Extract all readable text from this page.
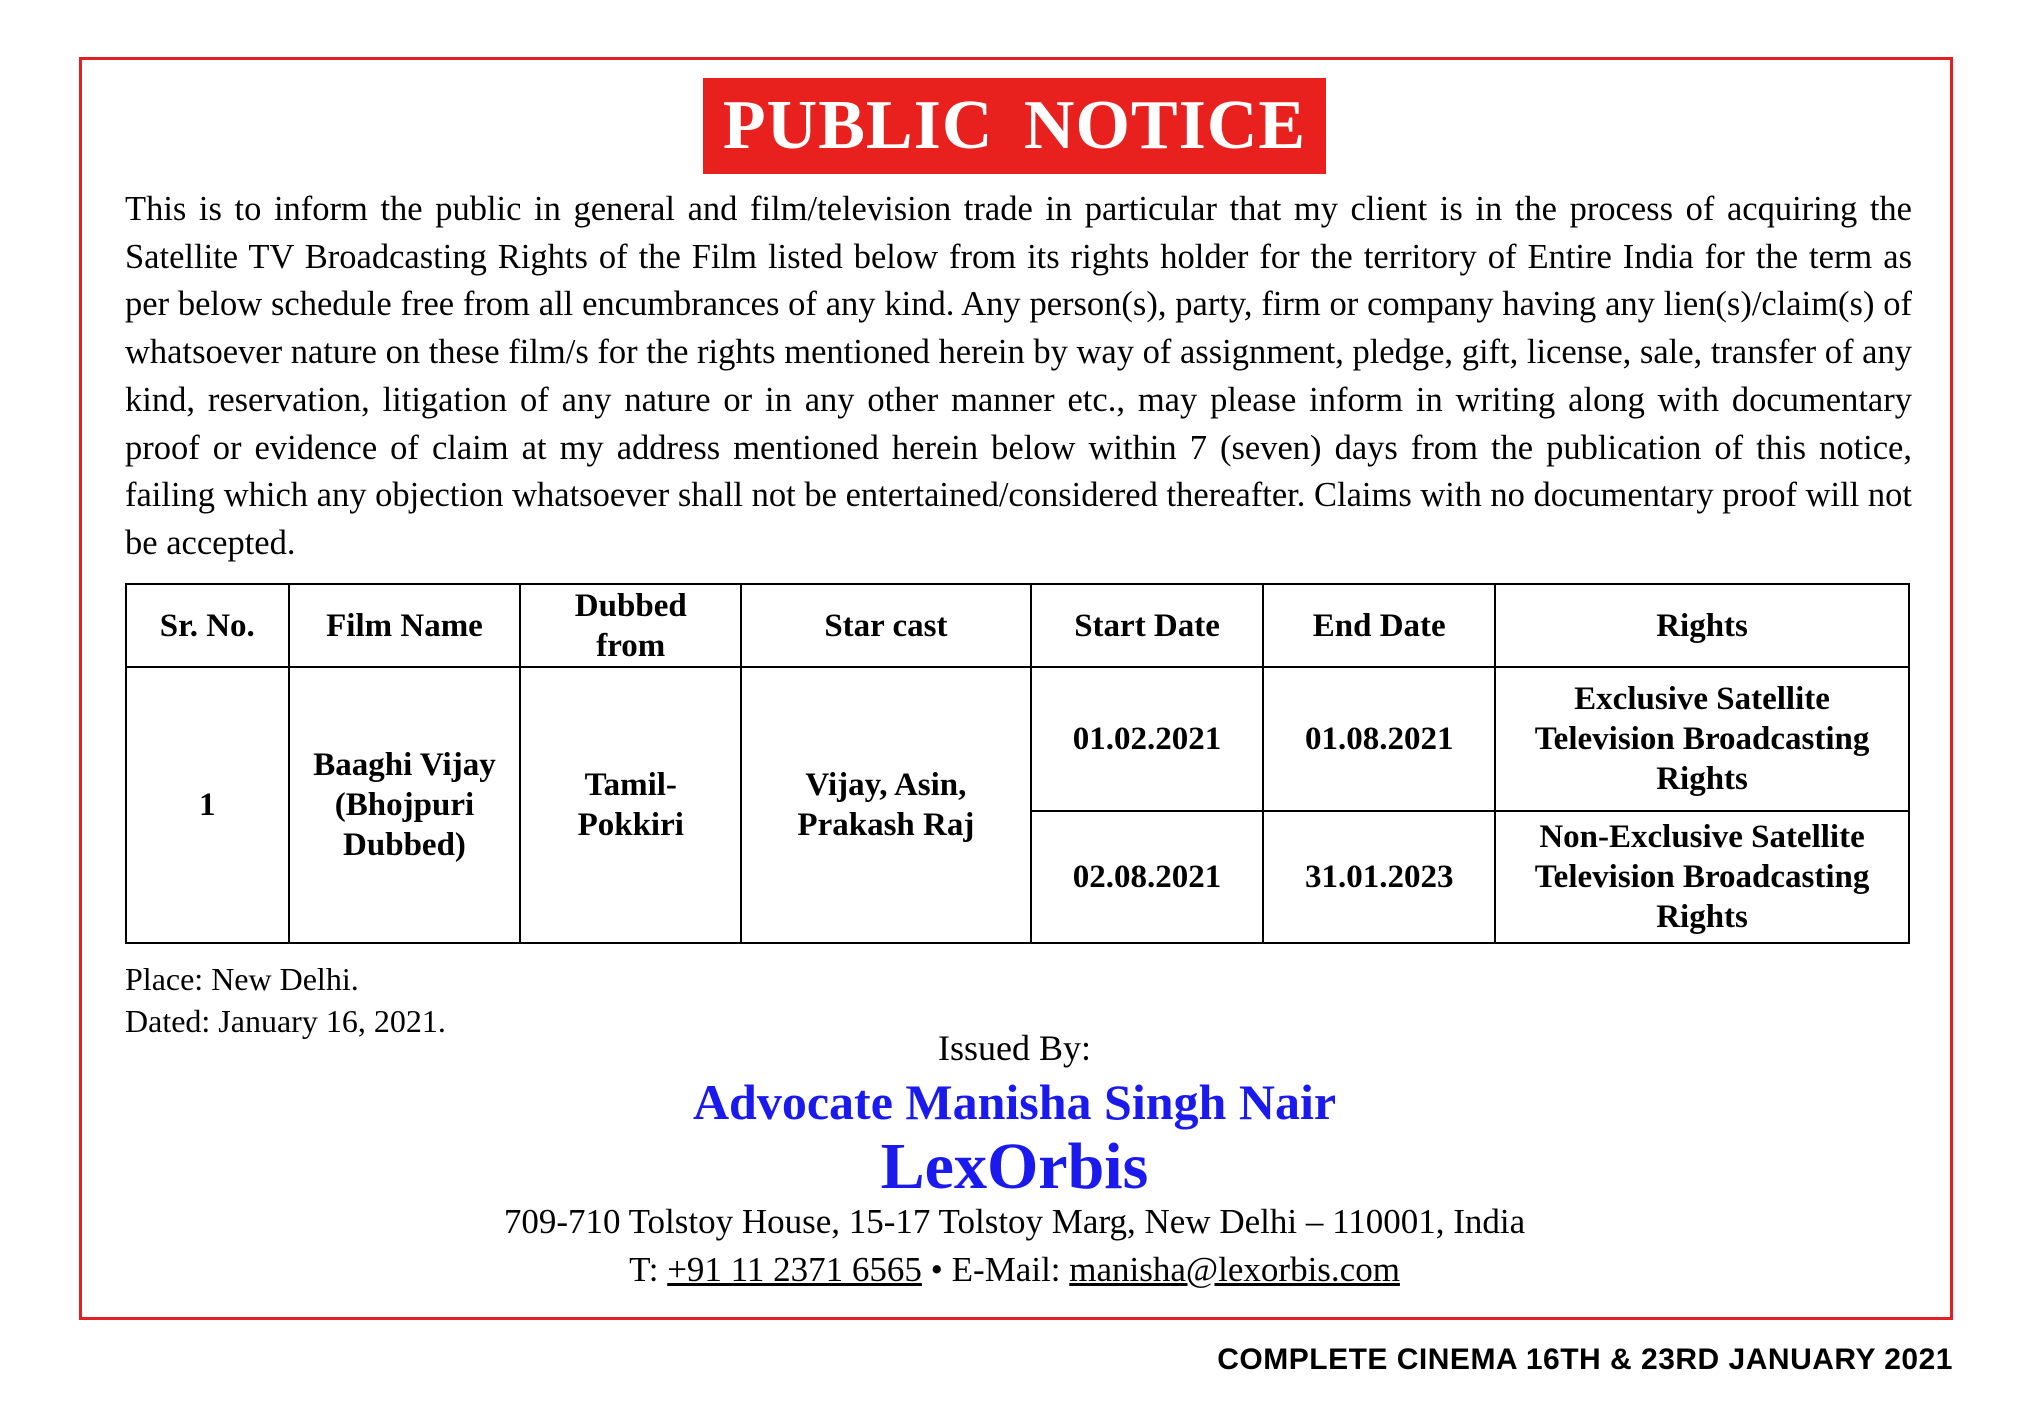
PUBLIC NOTICE
This is to inform the public in general and film/television trade in particular that my client is in the process of acquiring the Satellite TV Broadcasting Rights of the Film listed below from its rights holder for the territory of Entire India for the term as per below schedule free from all encumbrances of any kind. Any person(s), party, firm or company having any lien(s)/claim(s) of whatsoever nature on these film/s for the rights mentioned herein by way of assignment, pledge, gift, license, sale, transfer of any kind, reservation, litigation of any nature or in any other manner etc., may please inform in writing along with documentary proof or evidence of claim at my address mentioned herein below within 7 (seven) days from the publication of this notice, failing which any objection whatsoever shall not be entertained/considered thereafter. Claims with no documentary proof will not be accepted.
Sr. No.	Film Name	Dubbed from	Star cast	Start Date	End Date	Rights
1	Baaghi Vijay (Bhojpuri Dubbed)	Tamil-Pokkiri	Vijay, Asin, Prakash Raj	01.02.2021	01.08.2021	Exclusive Satellite Television Broadcasting Rights
				02.08.2021	31.01.2023	Non-Exclusive Satellite Television Broadcasting Rights
Place: New Delhi.
Dated: January 16, 2021.
Issued By:
Advocate Manisha Singh Nair
LexOrbis
709-710 Tolstoy House, 15-17 Tolstoy Marg, New Delhi – 110001, India
T: +91 11 2371 6565 • E-Mail: manisha@lexorbis.com
COMPLETE CINEMA 16TH & 23RD JANUARY 2021
